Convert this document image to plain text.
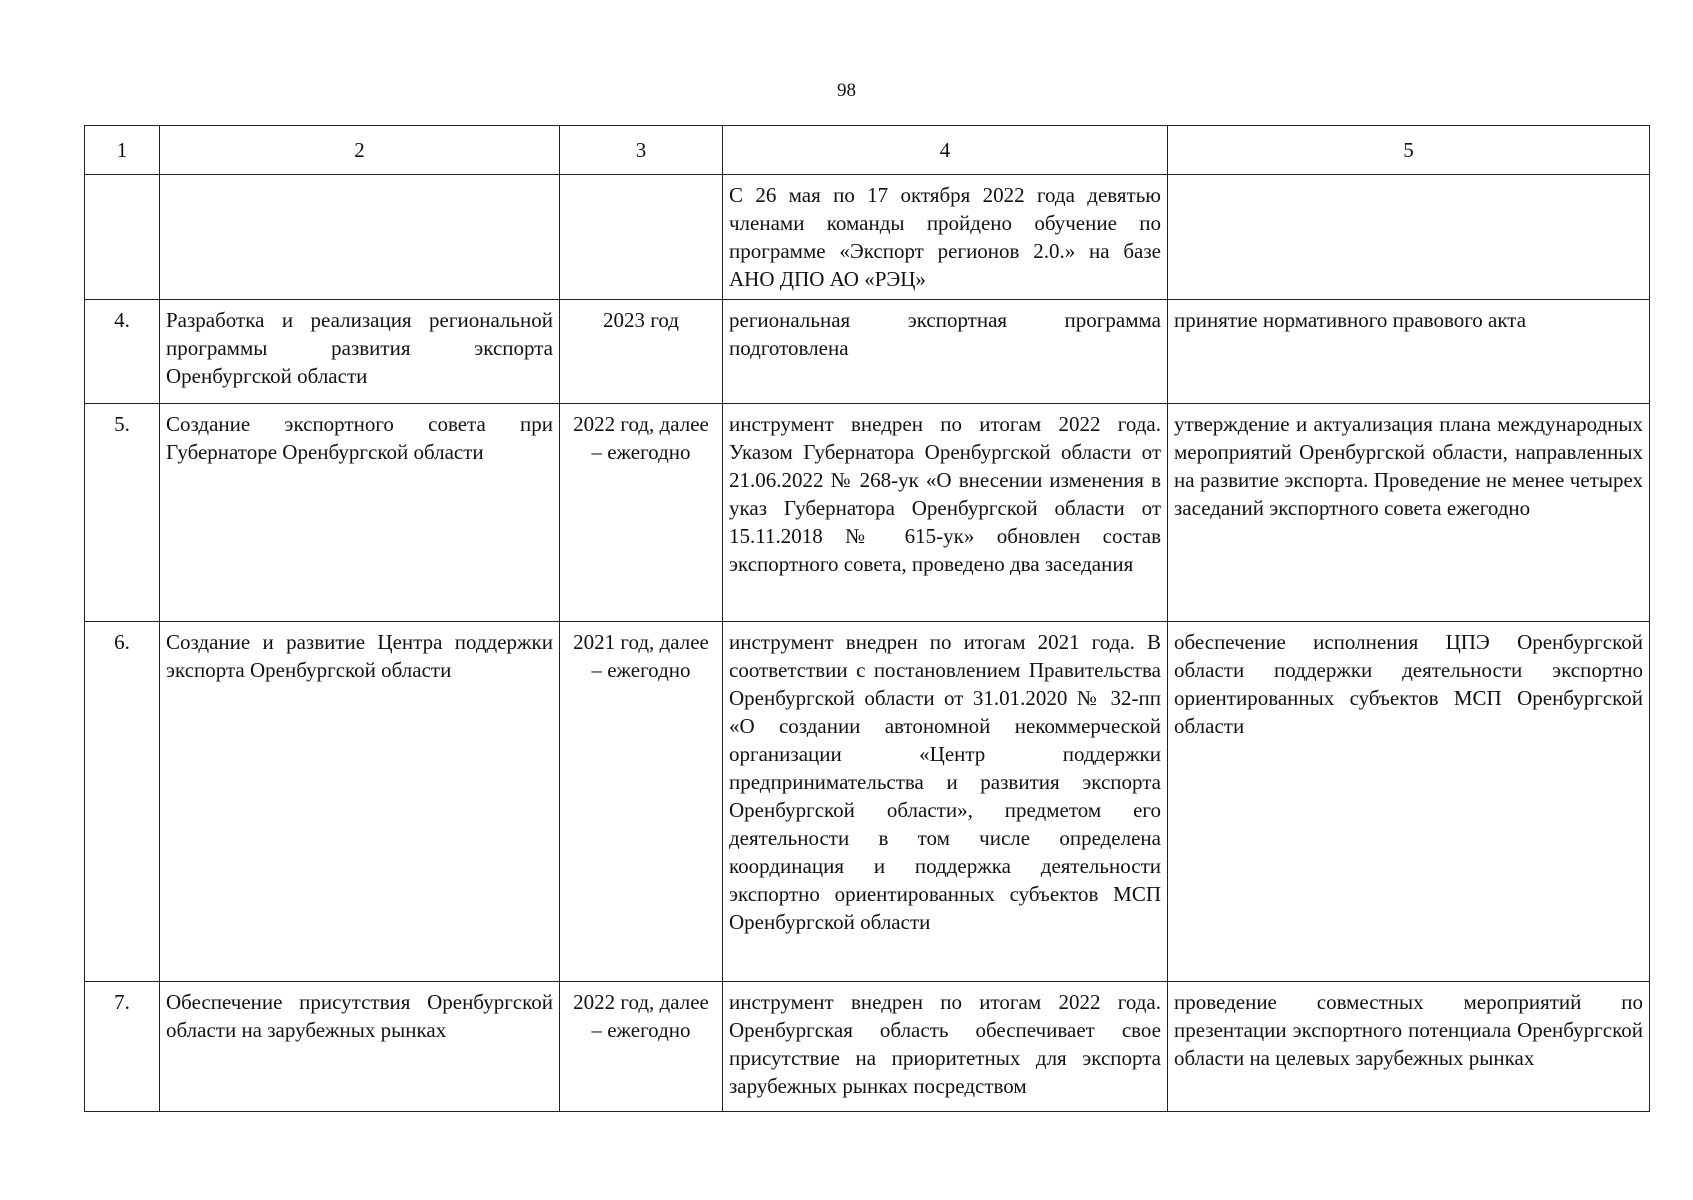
98
1	2	3	4	5
			С 26 мая по 17 октября 2022 года девятью членами команды пройдено обучение по программе «Экспорт регионов 2.0.» на базе АНО ДПО АО «РЭЦ»	
4.	Разработка и реализация региональной программы развития экспорта Оренбургской области	2023 год	региональная экспортная программа подготовлена	принятие нормативного правового акта
5.	Создание экспортного совета при Губернаторе Оренбургской области	2022 год, далее – ежегодно	инструмент внедрен по итогам 2022 года. Указом Губернатора Оренбургской области от 21.06.2022 № 268-ук «О внесении изменения в указ Губернатора Оренбургской области от 15.11.2018 № 615-ук» обновлен состав экспортного совета, проведено два заседания	утверждение и актуализация плана международных мероприятий Оренбургской области, направленных на развитие экспорта. Проведение не менее четырех заседаний экспортного совета ежегодно
6.	Создание и развитие Центра поддержки экспорта Оренбургской области	2021 год, далее – ежегодно	инструмент внедрен по итогам 2021 года. В соответствии с постановлением Правительства Оренбургской области от 31.01.2020 № 32-пп «О создании автономной некоммерческой организации «Центр поддержки предпринимательства и развития экспорта Оренбургской области», предметом его деятельности в том числе определена координация и поддержка деятельности экспортно ориентированных субъектов МСП Оренбургской области	обеспечение исполнения ЦПЭ Оренбургской области поддержки деятельности экспортно ориентированных субъектов МСП Оренбургской области
7.	Обеспечение присутствия Оренбургской области на зарубежных рынках	2022 год, далее – ежегодно	инструмент внедрен по итогам 2022 года. Оренбургская область обеспечивает свое присутствие на приоритетных для экспорта зарубежных рынках посредством	проведение совместных мероприятий по презентации экспортного потенциала Оренбургской области на целевых зарубежных рынках
